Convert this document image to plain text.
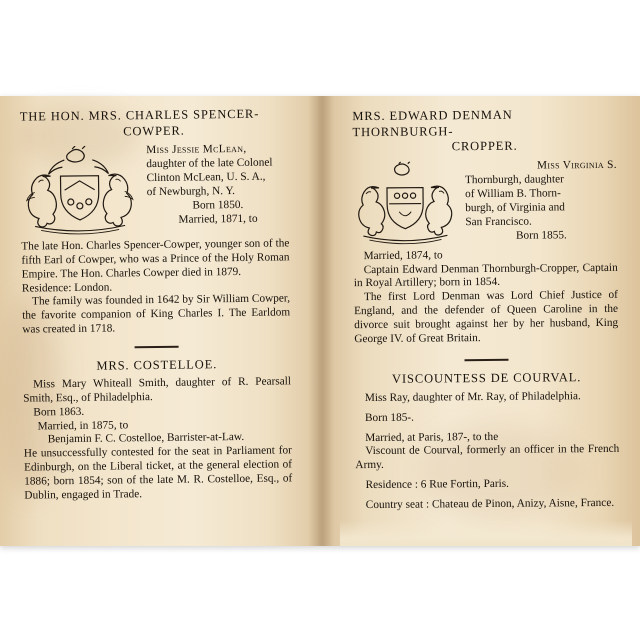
THE HON. MRS. CHARLES SPENCER-
COWPER.
Miss Jessie McLean,
daughter of the late Colonel
Clinton McLean, U. S. A.,
of Newburgh, N. Y.
Born 1850.
Married, 1871, to

The late Hon. Charles Spencer-Cowper, younger son of the fifth Earl of Cowper, who was a Prince of the Holy Roman Empire. The Hon. Charles Cowper died in 1879.

Residence: London.

The family was founded in 1642 by Sir William Cowper, the favorite companion of King Charles I. The Earldom was created in 1718.

MRS. COSTELLOE.

Miss Mary Whiteall Smith, daughter of R. Pearsall Smith, Esq., of Philadelphia.

Born 1863.

Married, in 1875, to

Benjamin F. C. Costelloe, Barrister-at-Law.

He unsuccessfully contested for the seat in Parliament for Edinburgh, on the Liberal ticket, at the general election of 1886; born 1854; son of the late M. R. Costelloe, Esq., of Dublin, engaged in Trade.

MRS. EDWARD DENMAN THORNBURGH-
CROPPER.
Miss Virginia S.
Thornburgh, daughter
of William B. Thorn-
burgh, of Virginia and
San Francisco.
Born 1855.

Married, 1874, to

Captain Edward Denman Thornburgh-Cropper, Captain in Royal Artillery; born in 1854.

The first Lord Denman was Lord Chief Justice of England, and the defender of Queen Caroline in the divorce suit brought against her by her husband, King George IV. of Great Britain.

VISCOUNTESS DE COURVAL.

Miss Ray, daughter of Mr. Ray, of Philadelphia.

Born 185-.

Married, at Paris, 187-, to the

Viscount de Courval, formerly an officer in the French Army.

Residence : 6 Rue Fortin, Paris.

Country seat : Chateau de Pinon, Anizy, Aisne, France.
